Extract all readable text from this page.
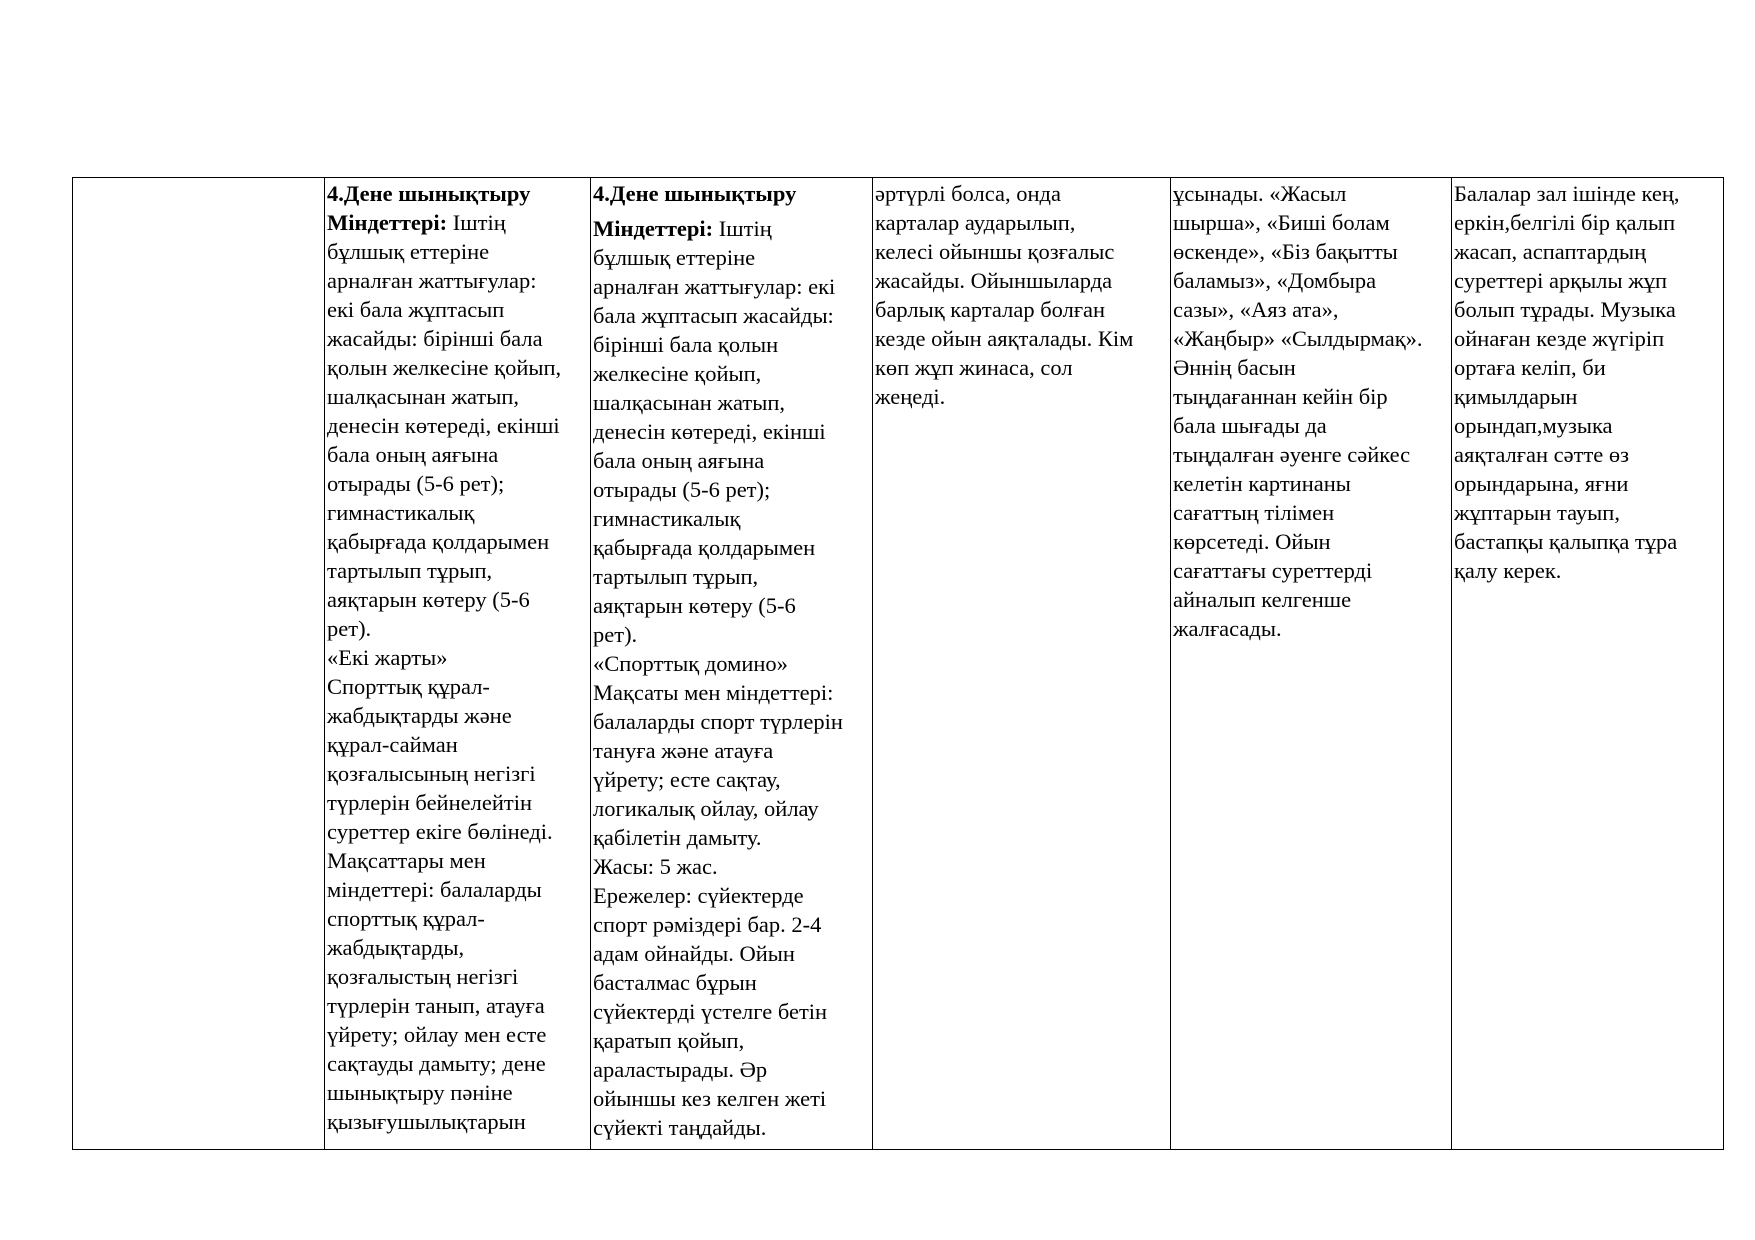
4.Дене шынықтыру
Міндеттері: Іштің
бұлшық еттеріне
арналған жаттығулар:
екі бала жұптасып
жасайды: бірінші бала
қолын желкесіне қойып,
шалқасынан жатып,
денесін көтереді, екінші
бала оның аяғына
отырады (5-6 рет);
гимнастикалық
қабырғада қолдарымен
тартылып тұрып,
аяқтарын көтеру (5-6
рет).
«Екі жарты»
Спорттық құрал-
жабдықтарды және
құрал-сайман
қозғалысының негізгі
түрлерін бейнелейтін
суреттер екіге бөлінеді.
Мақсаттары мен
міндеттері: балаларды
спорттық құрал-
жабдықтарды,
қозғалыстың негізгі
түрлерін танып, атауға
үйрету; ойлау мен есте
сақтауды дамыту; дене
шынықтыру пәніне
қызығушылықтарын

4.Дене шынықтыру
Міндеттері: Іштің
бұлшық еттеріне
арналған жаттығулар: екі
бала жұптасып жасайды:
бірінші бала қолын
желкесіне қойып,
шалқасынан жатып,
денесін көтереді, екінші
бала оның аяғына
отырады (5-6 рет);
гимнастикалық
қабырғада қолдарымен
тартылып тұрып,
аяқтарын көтеру (5-6
рет).
«Спорттық домино»
Мақсаты мен міндеттері:
балаларды спорт түрлерін
тануға және атауға
үйрету; есте сақтау,
логикалық ойлау, ойлау
қабілетін дамыту.
Жасы: 5 жас.
Ережелер: сүйектерде
спорт рәміздері бар. 2-4
адам ойнайды. Ойын
басталмас бұрын
сүйектерді үстелге бетін
қаратып қойып,
араластырады. Әр
ойыншы кез келген жеті
сүйекті таңдайды.

әртүрлі болса, онда
карталар аударылып,
келесі ойыншы қозғалыс
жасайды. Ойыншыларда
барлық карталар болған
кезде ойын аяқталады. Кім
көп жұп жинаса, сол
жеңеді.

ұсынады. «Жасыл
шырша», «Биші болам
өскенде», «Біз бақытты
баламыз», «Домбыра
сазы», «Аяз ата»,
«Жаңбыр» «Сылдырмақ».
Әннің басын
тыңдағаннан кейін бір
бала шығады да
тыңдалған әуенге сәйкес
келетін картинаны
сағаттың тілімен
көрсетеді. Ойын
сағаттағы суреттерді
айналып келгенше
жалғасады.

Балалар зал ішінде кең,
еркін,белгілі бір қалып
жасап, аспаптардың
суреттері арқылы жұп
болып тұрады. Музыка
ойнаған кезде жүгіріп
ортаға келіп, би
қимылдарын
орындап,музыка
аяқталған сәтте өз
орындарына, яғни
жұптарын тауып,
бастапқы қалыпқа тұра
қалу керек.
